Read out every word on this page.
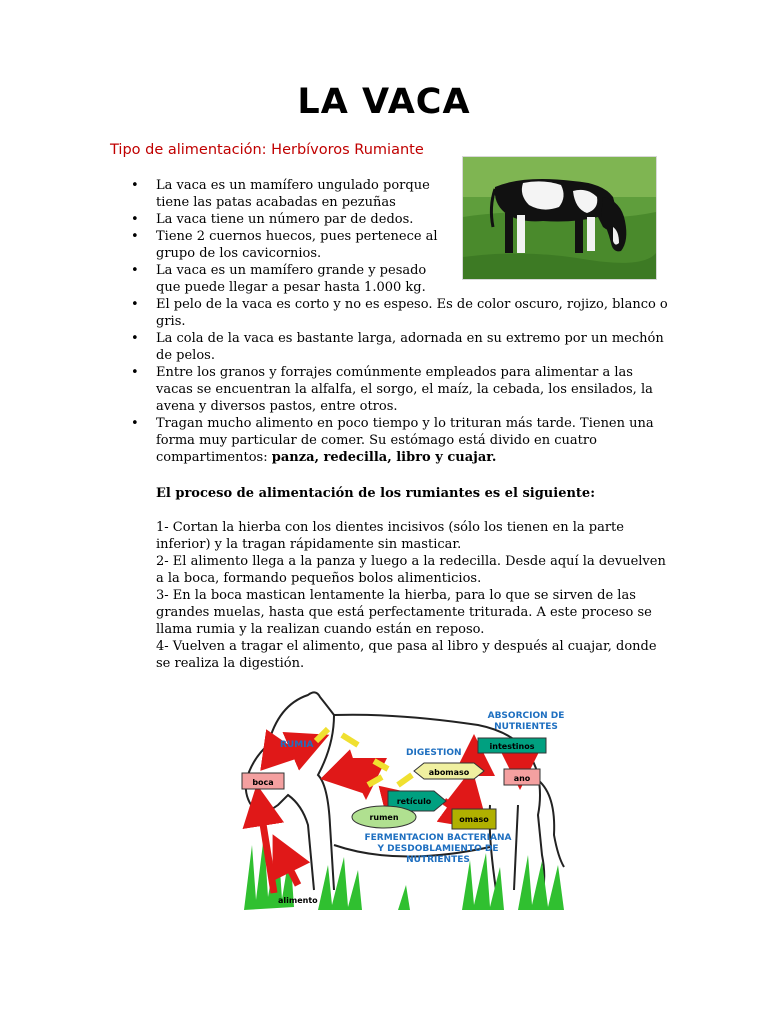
LA VACA

Tipo de alimentación: Herbívoros Rumiante

• La vaca es un mamífero ungulado porque tiene las patas acabadas en pezuñas
• La vaca tiene un número par de dedos.
• Tiene 2 cuernos huecos, pues pertenece al grupo de los cavicornios.
• La vaca es un mamífero grande y pesado que puede llegar a pesar hasta 1.000 kg.
• El pelo de la vaca es corto y no es espeso. Es de color oscuro, rojizo, blanco o gris.
• La cola de la vaca es bastante larga, adornada en su extremo por un mechón de pelos.
• Entre los granos y forrajes comúnmente empleados para alimentar a las vacas se encuentran la alfalfa, el sorgo, el maíz, la cebada, los ensilados, la avena y diversos pastos, entre otros.
• Tragan mucho alimento en poco tiempo y lo trituran más tarde. Tienen una forma muy particular de comer. Su estómago está divido en cuatro compartimentos: panza, redecilla, libro y cuajar.

El proceso de alimentación de los rumiantes es el siguiente:

1- Cortan la hierba con los dientes incisivos (sólo los tienen en la parte inferior) y la tragan rápidamente sin masticar.

2- El alimento llega a la panza y luego a la redecilla. Desde aquí la devuelven a la boca, formando pequeños bolos alimenticios.

3- En la boca mastican lentamente la hierba, para lo que se sirven de las grandes muelas, hasta que está perfectamente triturada. A este proceso se llama rumia y la realizan cuando están en reposo.

4- Vuelven a tragar el alimento, que pasa al libro y después al cuajar, donde se realiza la digestión.

ABSORCION DE
NUTRIENTES
RUMIA
DIGESTION
intestinos
boca	ano
abomaso
retículo
rumen	omaso
FERMENTACION BACTERIANA
Y DESDOBLAMIENTO DE
NUTRIENTES
alimento
